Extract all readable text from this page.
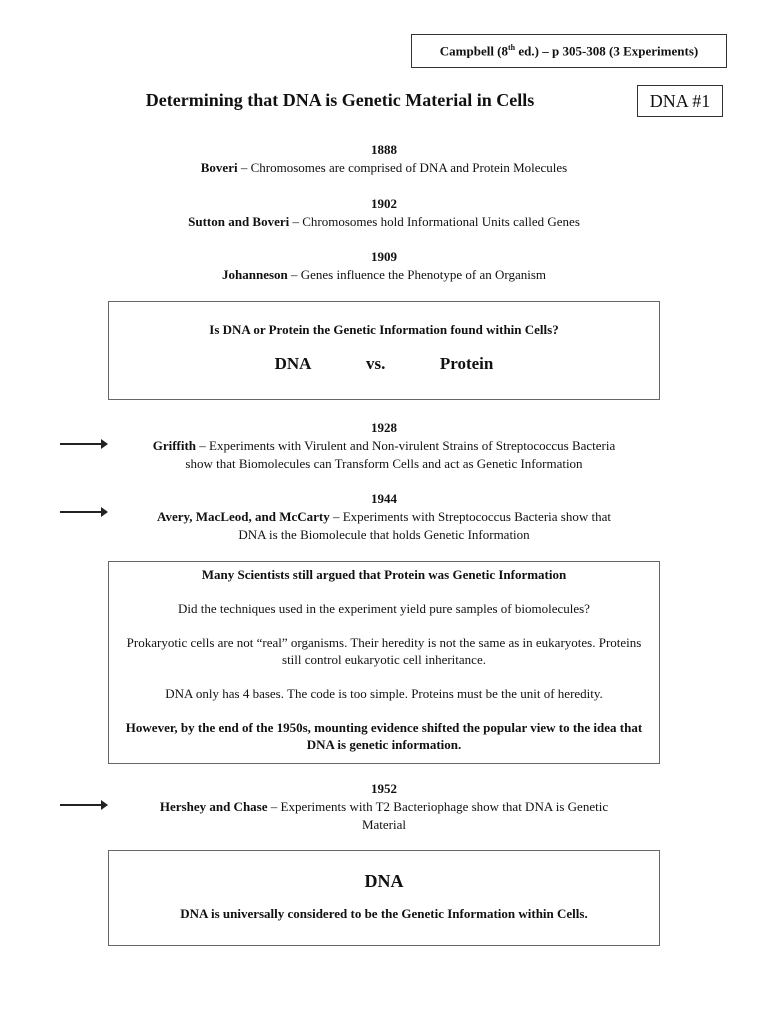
Campbell (8th ed.) – p 305-308 (3 Experiments)
Determining that DNA is Genetic Material in Cells	DNA #1
1888
Boveri – Chromosomes are comprised of DNA and Protein Molecules
1902
Sutton and Boveri – Chromosomes hold Informational Units called Genes
1909
Johanneson – Genes influence the Phenotype of an Organism
Is DNA or Protein the Genetic Information found within Cells?
DNA	vs.	Protein
1928
Griffith – Experiments with Virulent and Non-virulent Strains of Streptococcus Bacteria
show that Biomolecules can Transform Cells and act as Genetic Information
1944
Avery, MacLeod, and McCarty – Experiments with Streptococcus Bacteria show that
DNA is the Biomolecule that holds Genetic Information

Many Scientists still argued that Protein was Genetic Information

Did the techniques used in the experiment yield pure samples of biomolecules?

Prokaryotic cells are not “real” organisms. Their heredity is not the same as in eukaryotes. Proteins still control eukaryotic cell inheritance.

DNA only has 4 bases. The code is too simple. Proteins must be the unit of heredity.

However, by the end of the 1950s, mounting evidence shifted the popular view to the idea that DNA is genetic information.

1952
Hershey and Chase – Experiments with T2 Bacteriophage show that DNA is Genetic
Material
DNA
DNA is universally considered to be the Genetic Information within Cells.
